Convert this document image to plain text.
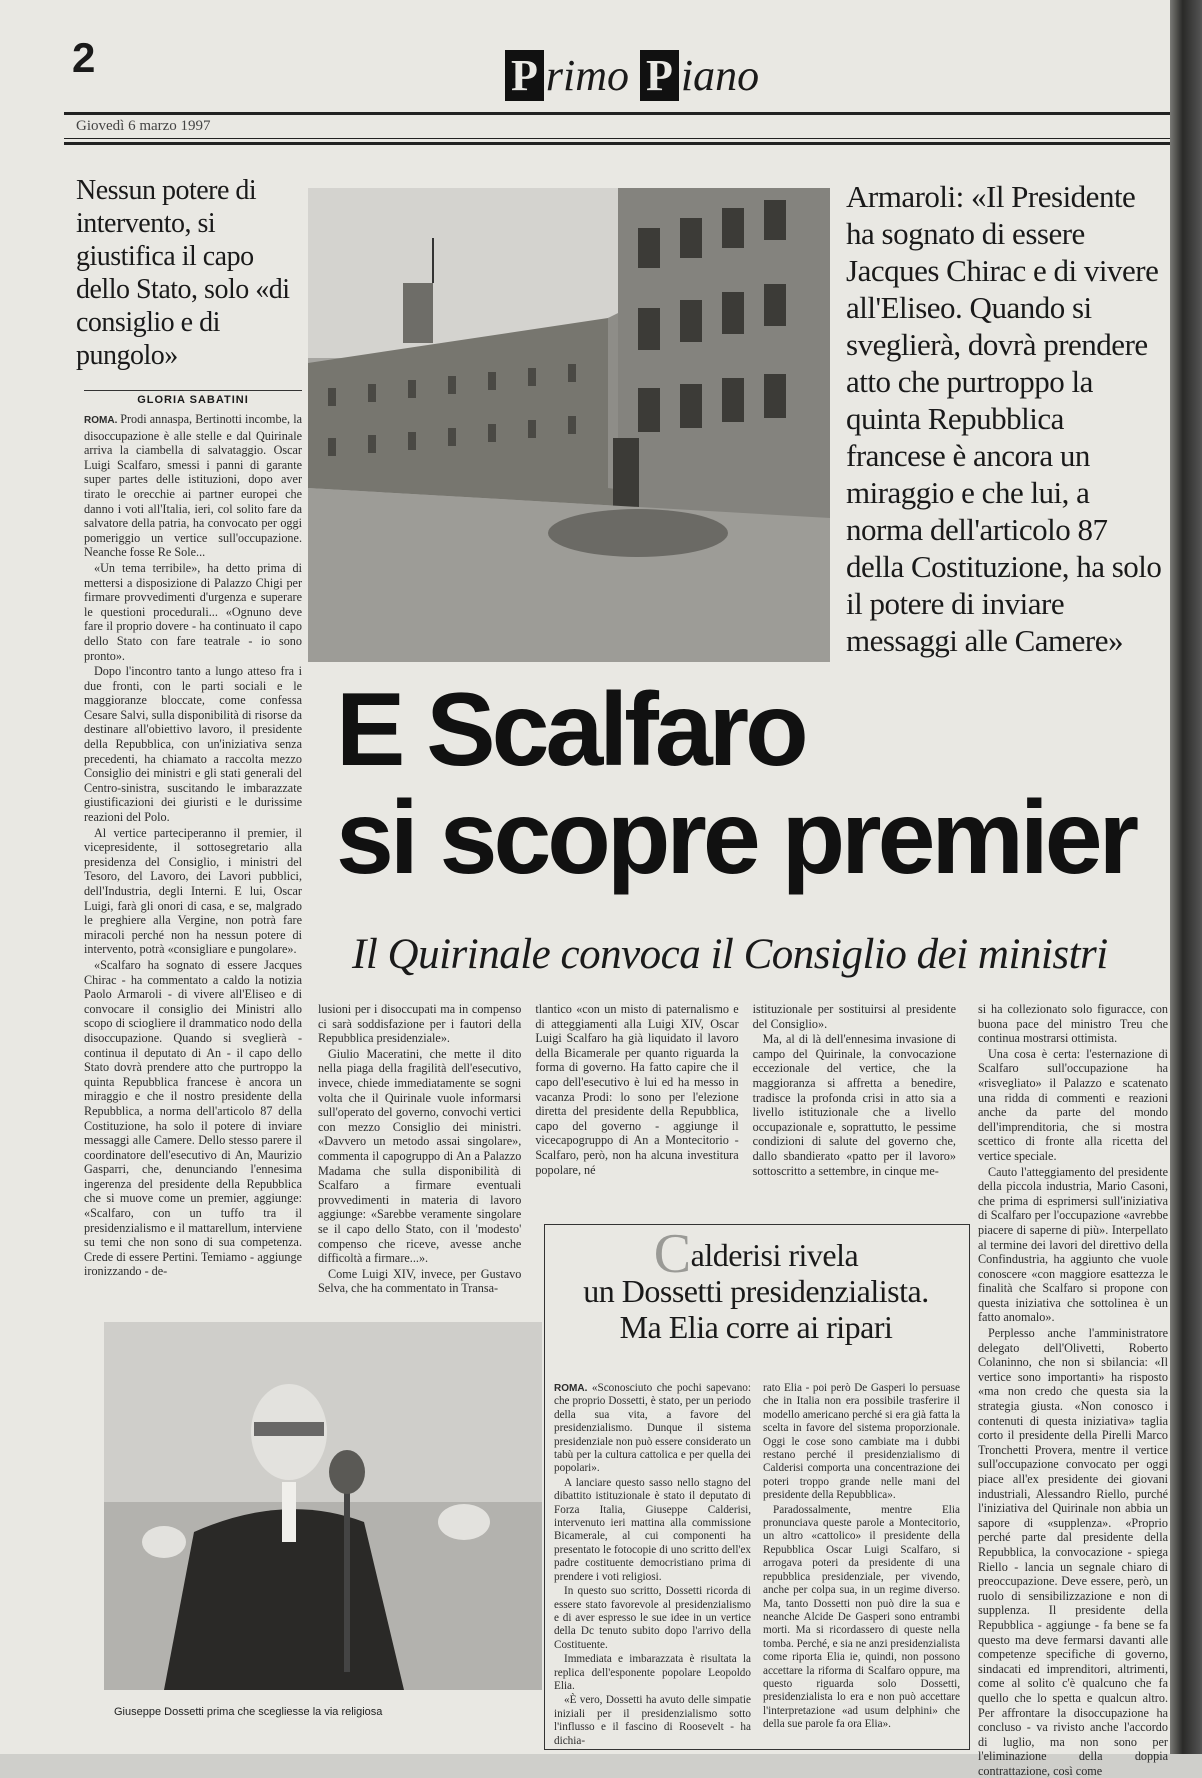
2	P rimo P iano
Giovedì 6 marzo 1997
Nessun potere di intervento, si giustifica il capo dello Stato, solo «di consiglio e di pungolo»
GLORIA SABATINI

ROMA. Prodi annaspa, Bertinotti incombe, la disoccupazione è alle stelle e dal Quirinale arriva la ciambella di salvataggio. Oscar Luigi Scalfaro, smessi i panni di garante super partes delle istituzioni, dopo aver tirato le orecchie ai partner europei che danno i voti all'Italia, ieri, col solito fare da salvatore della patria, ha convocato per oggi pomeriggio un vertice sull'occupazione. Neanche fosse Re Sole...

«Un tema terribile», ha detto prima di mettersi a disposizione di Palazzo Chigi per firmare provvedimenti d'urgenza e superare le questioni procedurali... «Ognuno deve fare il proprio dovere - ha continuato il capo dello Stato con fare teatrale - io sono pronto».

Dopo l'incontro tanto a lungo atteso fra i due fronti, con le parti sociali e le maggioranze bloccate, come confessa Cesare Salvi, sulla disponibilità di risorse da destinare all'obiettivo lavoro, il presidente della Repubblica, con un'iniziativa senza precedenti, ha chiamato a raccolta mezzo Consiglio dei ministri e gli stati generali del Centro-sinistra, suscitando le imbarazzate giustificazioni dei giuristi e le durissime reazioni del Polo.

Al vertice parteciperanno il premier, il vicepresidente, il sottosegretario alla presidenza del Consiglio, i ministri del Tesoro, del Lavoro, dei Lavori pubblici, dell'Industria, degli Interni. E lui, Oscar Luigi, farà gli onori di casa, e se, malgrado le preghiere alla Vergine, non potrà fare miracoli perché non ha nessun potere di intervento, potrà «consigliare e pungolare».

«Scalfaro ha sognato di essere Jacques Chirac - ha commentato a caldo la notizia Paolo Armaroli - di vivere all'Eliseo e di convocare il consiglio dei Ministri allo scopo di sciogliere il drammatico nodo della disoccupazione. Quando si sveglierà - continua il deputato di An - il capo dello Stato dovrà prendere atto che purtroppo la quinta Repubblica francese è ancora un miraggio e che il nostro presidente della Repubblica, a norma dell'articolo 87 della Costituzione, ha solo il potere di inviare messaggi alle Camere. Dello stesso parere il coordinatore dell'esecutivo di An, Maurizio Gasparri, che, denunciando l'ennesima ingerenza del presidente della Repubblica che si muove come un premier, aggiunge: «Scalfaro, con un tuffo tra il presidenzialismo e il mattarellum, interviene su temi che non sono di sua competenza. Crede di essere Pertini. Temiamo - aggiunge ironizzando - de-

Armaroli: «Il Presidente ha sognato di essere Jacques Chirac e di vivere all'Eliseo. Quando si sveglierà, dovrà prendere atto che purtroppo la quinta Repubblica francese è ancora un miraggio e che lui, a norma dell'articolo 87 della Costituzione, ha solo il potere di inviare messaggi alle Camere»
E Scalfaro
si scopre premier
Il Quirinale convoca il Consiglio dei ministri

lusioni per i disoccupati ma in compenso ci sarà soddisfazione per i fautori della Repubblica presidenziale».

Giulio Maceratini, che mette il dito nella piaga della fragilità dell'esecutivo, invece, chiede immediatamente se sogni volta che il Quirinale vuole informarsi sull'operato del governo, convochi vertici con mezzo Consiglio dei ministri. «Davvero un metodo assai singolare», commenta il capogruppo di An a Palazzo Madama che sulla disponibilità di Scalfaro a firmare eventuali provvedimenti in materia di lavoro aggiunge: «Sarebbe veramente singolare se il capo dello Stato, con il 'modesto' compenso che riceve, avesse anche difficoltà a firmare...».

Come Luigi XIV, invece, per Gustavo Selva, che ha commentato in Transa-

tlantico «con un misto di paternalismo e di atteggiamenti alla Luigi XIV, Oscar Luigi Scalfaro ha già liquidato il lavoro della Bicamerale per quanto riguarda la forma di governo. Ha fatto capire che il capo dell'esecutivo è lui ed ha messo in vacanza Prodi: lo sono per l'elezione diretta del presidente della Repubblica, capo del governo - aggiunge il vicecapogruppo di An a Montecitorio - Scalfaro, però, non ha alcuna investitura popolare, né

istituzionale per sostituirsi al presidente del Consiglio».

Ma, al di là dell'ennesima invasione di campo del Quirinale, la convocazione eccezionale del vertice, che la maggioranza si affretta a benedire, tradisce la profonda crisi in atto sia a livello istituzionale che a livello occupazionale e, soprattutto, le pessime condizioni di salute del governo che, dallo sbandierato «patto per il lavoro» sottoscritto a settembre, in cinque me-

si ha collezionato solo figuracce, con buona pace del ministro Treu che continua mostrarsi ottimista.

Una cosa è certa: l'esternazione di Scalfaro sull'occupazione ha «risvegliato» il Palazzo e scatenato una ridda di commenti e reazioni anche da parte del mondo dell'imprenditoria, che si mostra scettico di fronte alla ricetta del vertice speciale.

Cauto l'atteggiamento del presidente della piccola industria, Mario Casoni, che prima di esprimersi sull'iniziativa di Scalfaro per l'occupazione «avrebbe piacere di saperne di più». Interpellato al termine dei lavori del direttivo della Confindustria, ha aggiunto che vuole conoscere «con maggiore esattezza le finalità che Scalfaro si propone con questa iniziativa che sottolinea è un fatto anomalo».

Perplesso anche l'amministratore delegato dell'Olivetti, Roberto Colaninno, che non si sbilancia: «Il vertice sono importanti» ha risposto «ma non credo che questa sia la strategia giusta. «Non conosco i contenuti di questa iniziativa» taglia corto il presidente della Pirelli Marco Tronchetti Provera, mentre il vertice sull'occupazione convocato per oggi piace all'ex presidente dei giovani industriali, Alessandro Riello, purché l'iniziativa del Quirinale non abbia un sapore di «supplenza». «Proprio perché parte dal presidente della Repubblica, la convocazione - spiega Riello - lancia un segnale chiaro di preoccupazione. Deve essere, però, un ruolo di sensibilizzazione e non di supplenza. Il presidente della Repubblica - aggiunge - fa bene se fa questo ma deve fermarsi davanti alle competenze specifiche di governo, sindacati ed imprenditori, altrimenti, come al solito c'è qualcuno che fa quello che lo spetta e qualcun altro. Per affrontare la disoccupazione ha concluso - va rivisto anche l'accordo di luglio, ma non sono per l'eliminazione della doppia contrattazione, così come

Giuseppe Dossetti prima che scegliesse la via religiosa
Calderisi rivela
un Dossetti presidenzialista.
Ma Elia corre ai ripari

ROMA. «Sconosciuto che pochi sapevano: che proprio Dossetti, è stato, per un periodo della sua vita, a favore del presidenzialismo. Dunque il sistema presidenziale non può essere considerato un tabù per la cultura cattolica e per quella dei popolari».

A lanciare questo sasso nello stagno del dibattito istituzionale è stato il deputato di Forza Italia, Giuseppe Calderisi, intervenuto ieri mattina alla commissione Bicamerale, al cui componenti ha presentato le fotocopie di uno scritto dell'ex padre costituente democristiano prima di prendere i voti religiosi.

In questo suo scritto, Dossetti ricorda di essere stato favorevole al presidenzialismo e di aver espresso le sue idee in un vertice della Dc tenuto subito dopo l'arrivo della Costituente.

Immediata e imbarazzata è risultata la replica dell'esponente popolare Leopoldo Elia.

«È vero, Dossetti ha avuto delle simpatie iniziali per il presidenzialismo sotto l'influsso e il fascino di Roosevelt - ha dichia-

rato Elia - poi però De Gasperi lo persuase che in Italia non era possibile trasferire il modello americano perché si era già fatta la scelta in favore del sistema proporzionale. Oggi le cose sono cambiate ma i dubbi restano perché il presidenzialismo di Calderisi comporta una concentrazione dei poteri troppo grande nelle mani del presidente della Repubblica».

Paradossalmente, mentre Elia pronunciava queste parole a Montecitorio, un altro «cattolico» il presidente della Repubblica Oscar Luigi Scalfaro, si arrogava poteri da presidente di una repubblica presidenziale, per vivendo, anche per colpa sua, in un regime diverso. Ma, tanto Dossetti non può dire la sua e neanche Alcide De Gasperi sono entrambi morti. Ma si ricordassero di queste nella tomba. Perché, e sia ne anzi presidenzialista come riporta Elia ie, quindi, non possono accettare la riforma di Scalfaro oppure, ma questo riguarda solo Dossetti, presidenzialista lo era e non può accettare l'interpretazione «ad usum delphini» che della sue parole fa ora Elia».
